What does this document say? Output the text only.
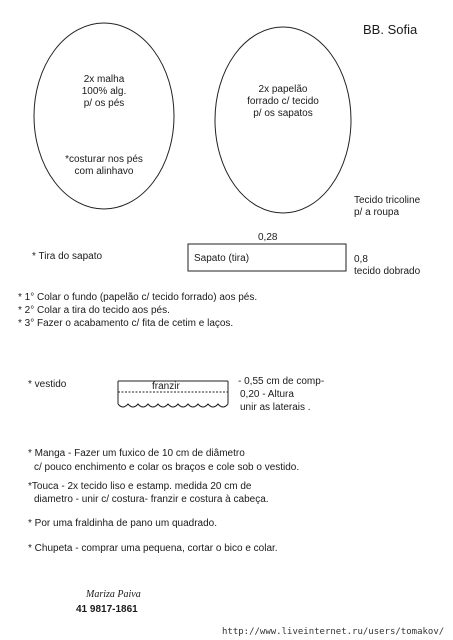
BB. Sofia
2x malha
100% alg.
p/ os pés
*costurar nos pés
com alinhavo
2x papelão
forrado c/ tecido
p/ os sapatos
Tecido tricoline
p/ a roupa
0,28
* Tira do sapato	Sapato (tira)	0,8
tecido dobrado
* 1° Colar o fundo (papelão c/ tecido forrado) aos pés.
* 2° Colar a tira do tecido aos pés.
* 3° Fazer o acabamento c/ fita de cetim e laços.
* vestido	franzir	- 0,55 cm de comp-
0,20 - Altura
unir as laterais .
* Manga - Fazer um fuxico de 10 cm de diâmetro
c/ pouco enchimento e colar os braços e cole sob o vestido.
*Touca - 2x tecido liso e estamp. medida 20 cm de
diametro - unir c/ costura- franzir e costura à cabeça.
* Por uma fraldinha de pano um quadrado.
* Chupeta - comprar uma pequena, cortar o bico e colar.
Mariza Paiva
41 9817-1861
http://www.liveinternet.ru/users/tomakov/
